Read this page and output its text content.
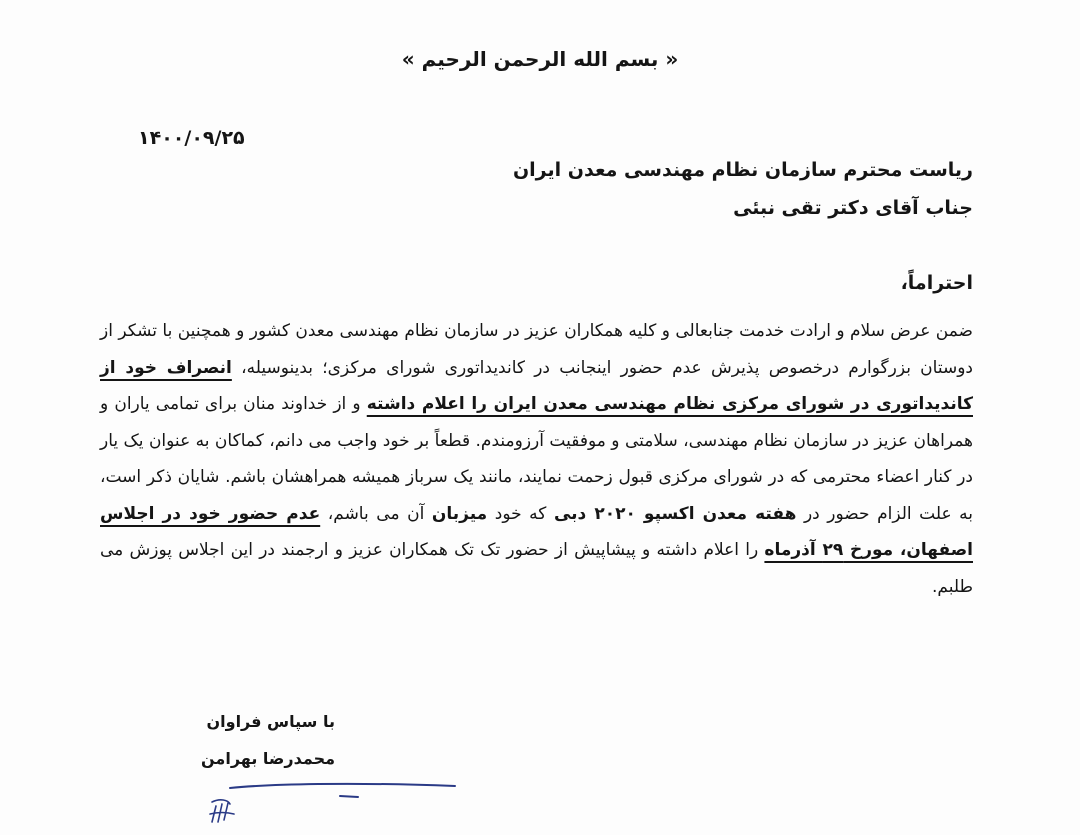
« بسم الله الرحمن الرحیم »
۱۴۰۰/۰۹/۲۵
ریاست محترم سازمان نظام مهندسی معدن ایران
جناب آقای دکتر تقی نبئی
احتراماً،

ضمن عرض سلام و ارادت خدمت جنابعالی و کلیه همکاران عزیز در سازمان نظام مهندسی معدن کشور و همچنین با تشکر از دوستان بزرگوارم درخصوص پذیرش عدم حضور اینجانب در کاندیداتوری شورای مرکزی؛ بدینوسیله، انصراف خود از کاندیداتوری در شورای مرکزی نظام مهندسی معدن ایران را اعلام داشته و از خداوند منان برای تمامی یاران و همراهان عزیز در سازمان نظام مهندسی، سلامتی و موفقیت آرزومندم. قطعاً بر خود واجب می دانم، کماکان به عنوان یک یار در کنار اعضاء محترمی که در شورای مرکزی قبول زحمت نمایند، مانند یک سرباز همیشه همراهشان باشم. شایان ذکر است، به علت الزام حضور در هفته معدن اکسپو ۲۰۲۰ دبی که خود میزبان آن می باشم، عدم حضور خود در اجلاس اصفهان، مورخ ۲۹ آذرماه را اعلام داشته و پیشاپیش از حضور تک تک همکاران عزیز و ارجمند در این اجلاس پوزش می طلبم.

با سپاس فراوان
محمدرضا بهرامن
